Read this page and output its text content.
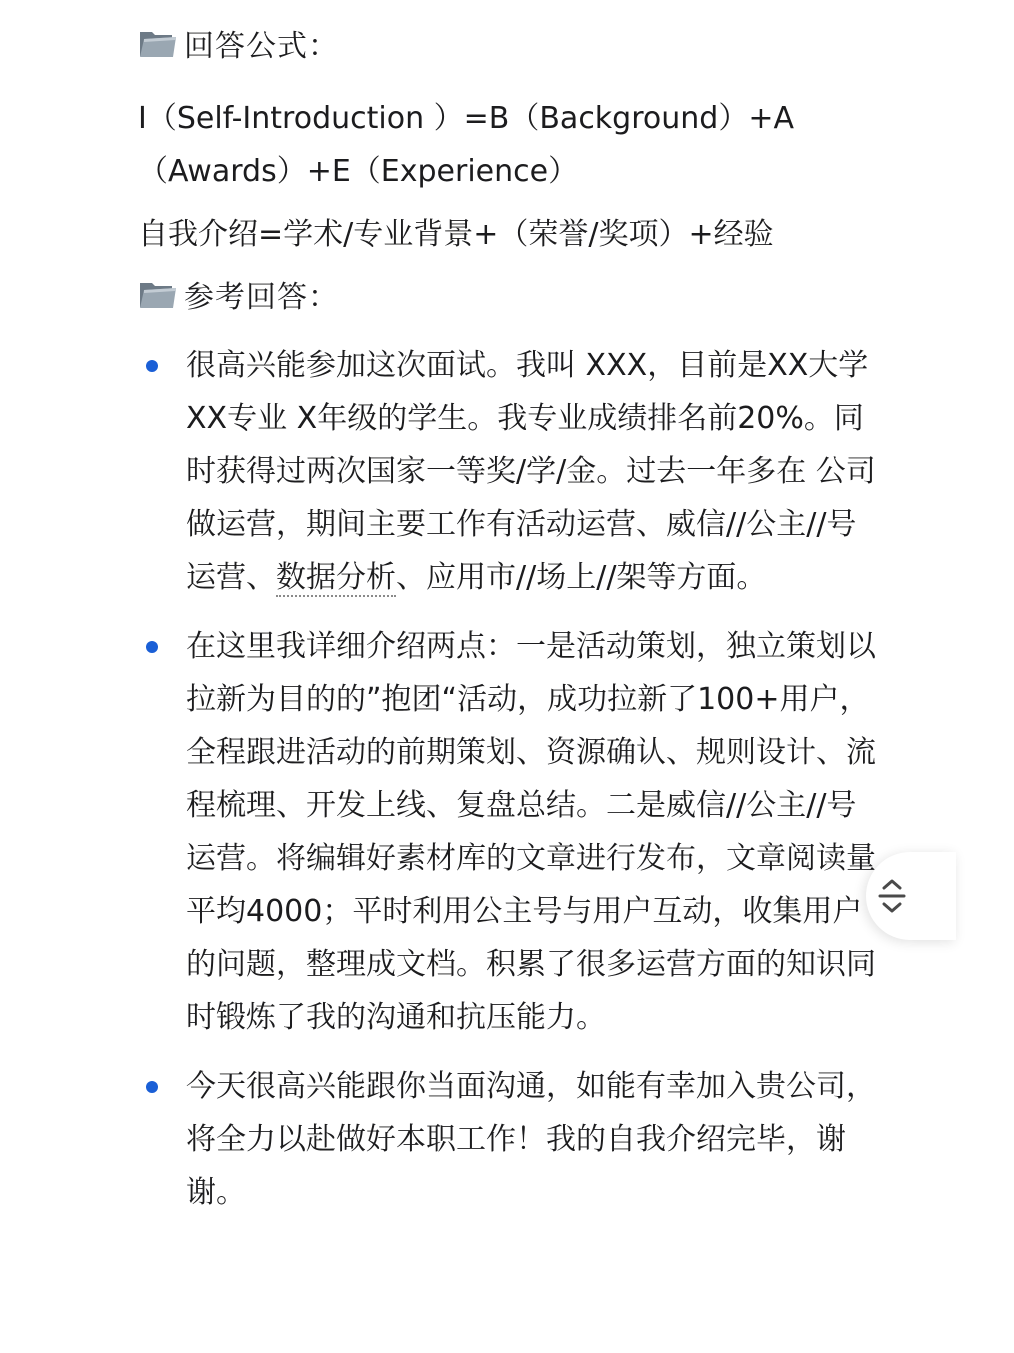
回答公式：

I（Self-Introduction ）=B（Background）+A（Awards）+E（Experience）

自我介绍=学术/专业背景+（荣誉/奖项）+经验

参考回答：
很高兴能参加这次面试。我叫 XXX，目前是XX大学 XX专业 X年级的学生。我专业成绩排名前20%。同时获得过两次国家一等奖/学/金。过去一年多在 公司做运营，期间主要工作有活动运营、威信//公主//号运营、数据分析、应用市//场上//架等方面。
在这里我详细介绍两点：一是活动策划，独立策划以拉新为目的的”抱团“活动，成功拉新了100+用户，全程跟进活动的前期策划、资源确认、规则设计、流程梳理、开发上线、复盘总结。二是威信//公主//号运营。将编辑好素材库的文章进行发布，文章阅读量平均4000；平时利用公主号与用户互动，收集用户的问题，整理成文档。积累了很多运营方面的知识同时锻炼了我的沟通和抗压能力。
今天很高兴能跟你当面沟通，如能有幸加入贵公司，将全力以赴做好本职工作！我的自我介绍完毕，谢谢。
